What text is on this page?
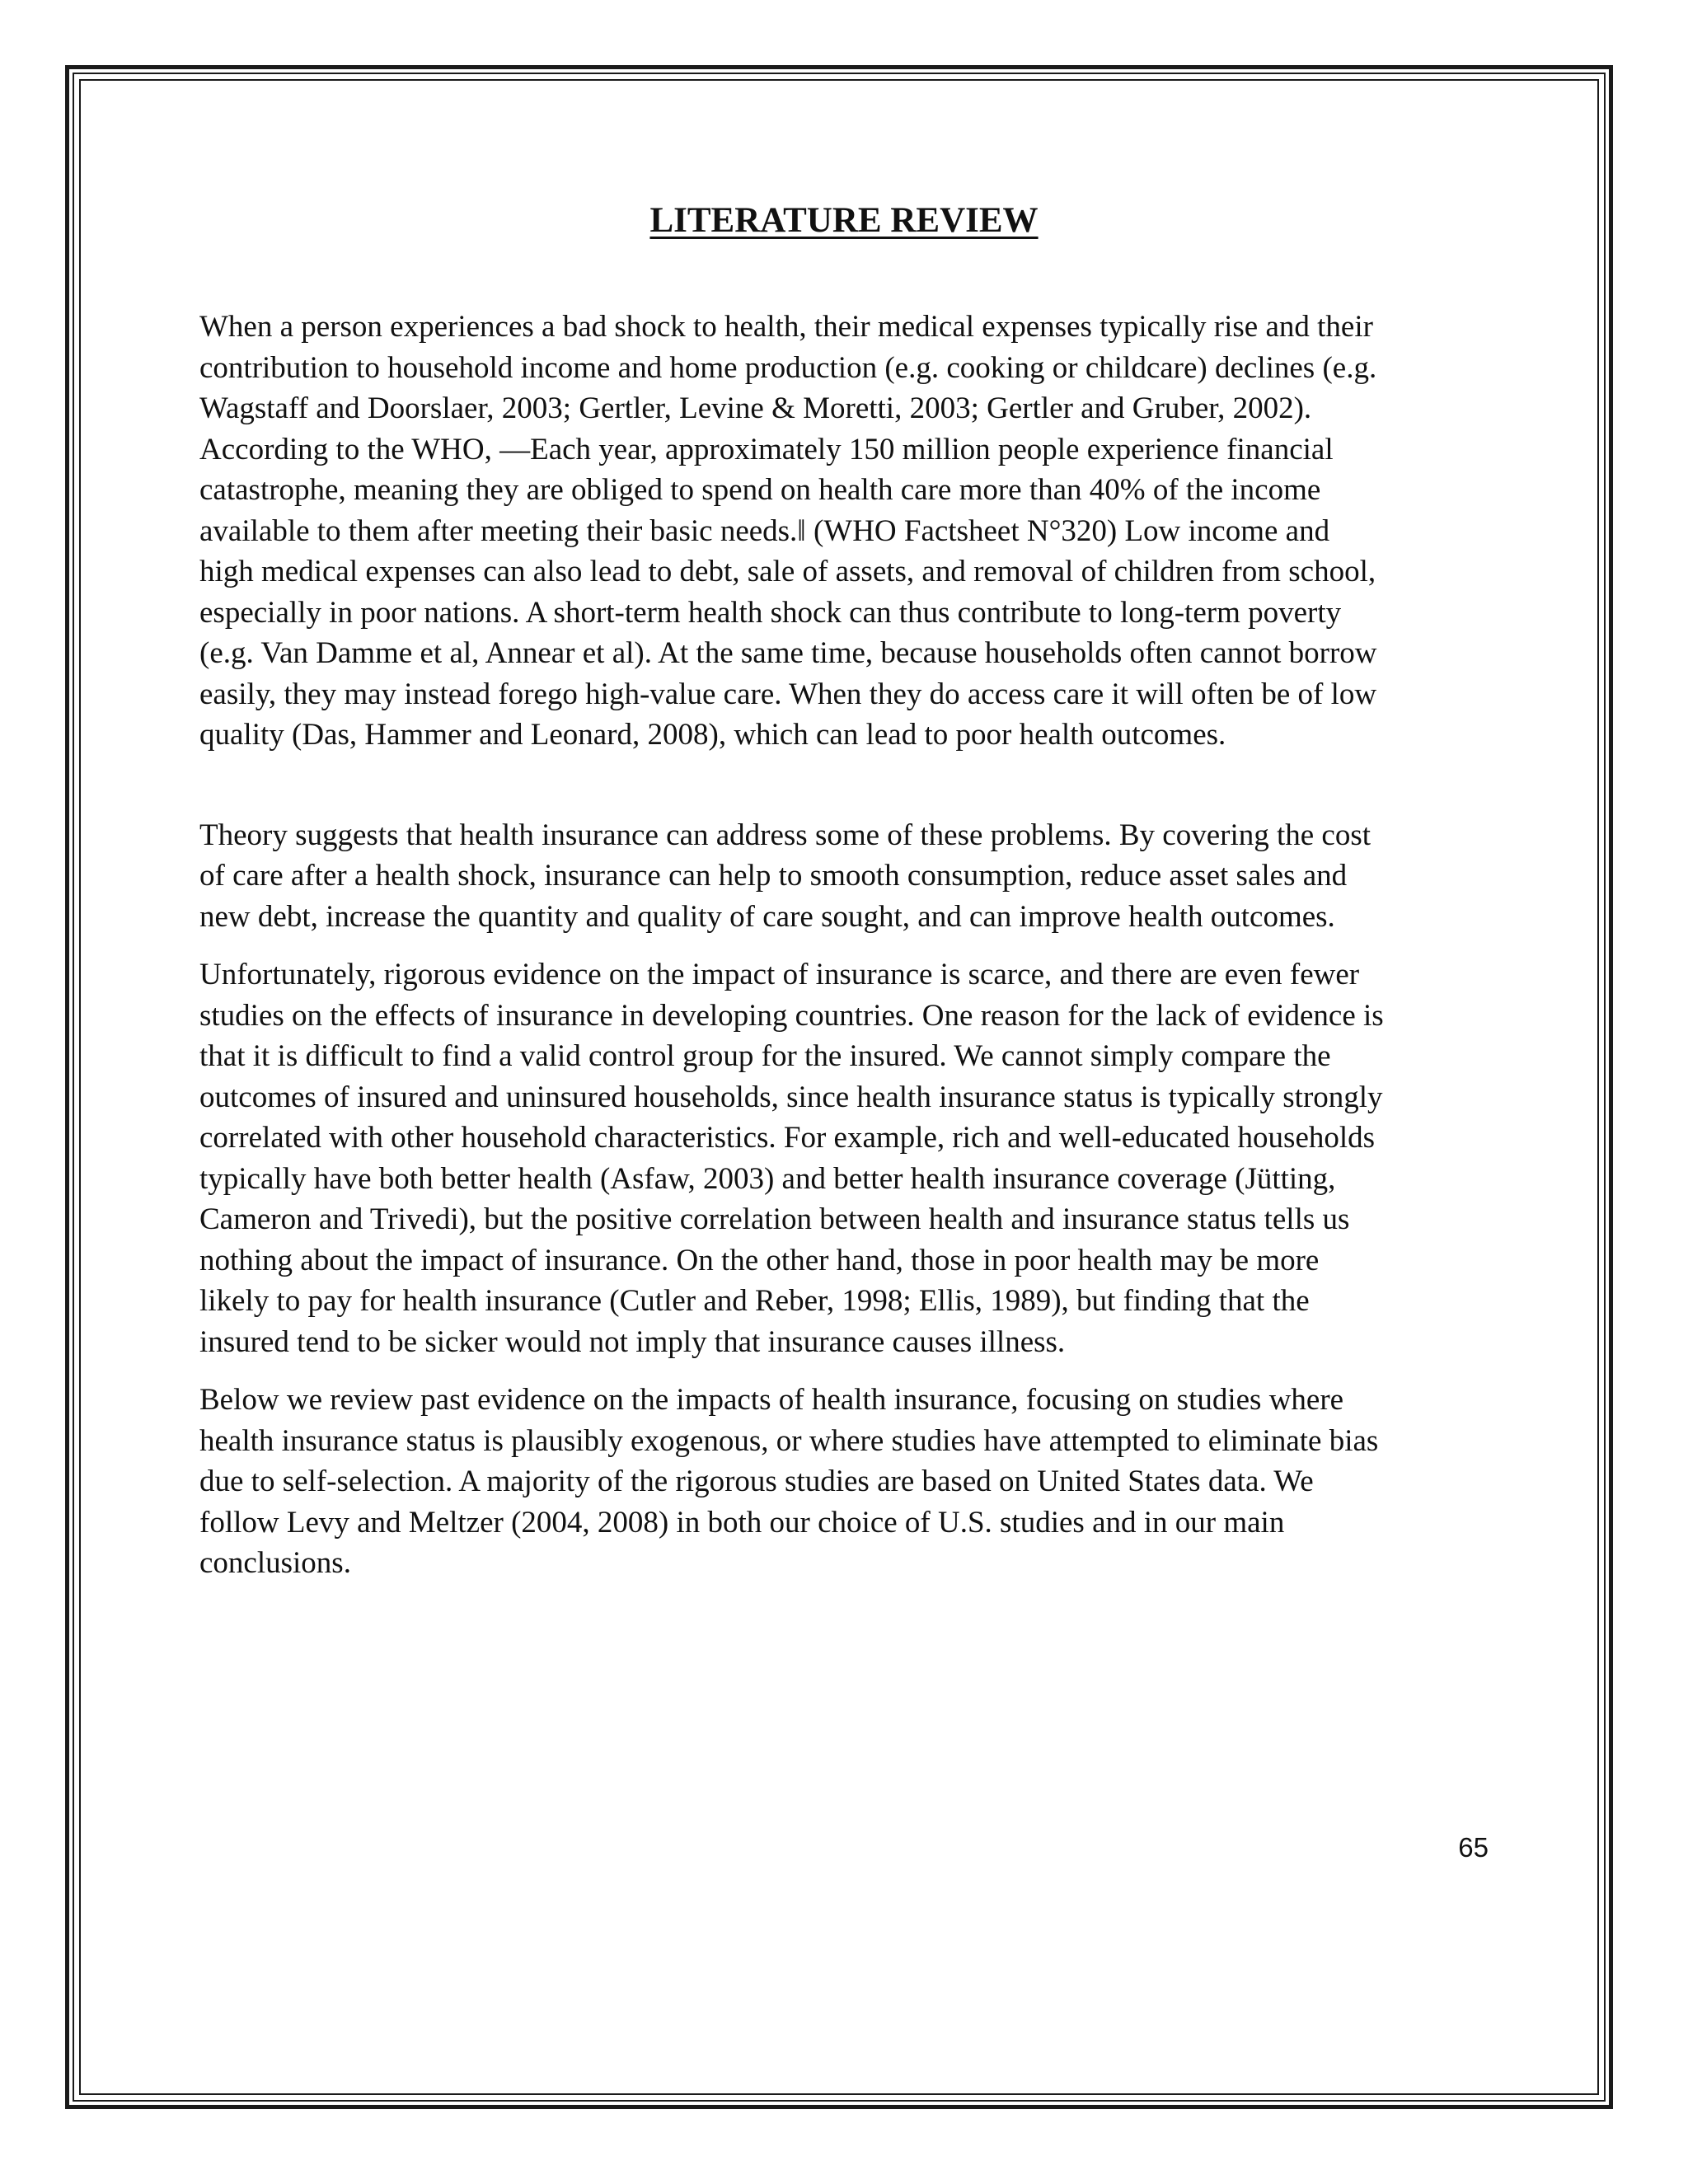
LITERATURE REVIEW

When a person experiences a bad shock to health, their medical expenses typically rise and their
contribution to household income and home production (e.g. cooking or childcare) declines (e.g.
Wagstaff and Doorslaer, 2003; Gertler, Levine & Moretti, 2003; Gertler and Gruber, 2002).
According to the WHO, ―Each year, approximately 150 million people experience financial
catastrophe, meaning they are obliged to spend on health care more than 40% of the income
available to them after meeting their basic needs.‖ (WHO Factsheet N°320) Low income and
high medical expenses can also lead to debt, sale of assets, and removal of children from school,
especially in poor nations. A short-term health shock can thus contribute to long-term poverty
(e.g. Van Damme et al, Annear et al). At the same time, because households often cannot borrow
easily, they may instead forego high-value care. When they do access care it will often be of low
quality (Das, Hammer and Leonard, 2008), which can lead to poor health outcomes.

Theory suggests that health insurance can address some of these problems. By covering the cost
of care after a health shock, insurance can help to smooth consumption, reduce asset sales and
new debt, increase the quantity and quality of care sought, and can improve health outcomes.

Unfortunately, rigorous evidence on the impact of insurance is scarce, and there are even fewer
studies on the effects of insurance in developing countries. One reason for the lack of evidence is
that it is difficult to find a valid control group for the insured. We cannot simply compare the
outcomes of insured and uninsured households, since health insurance status is typically strongly
correlated with other household characteristics. For example, rich and well-educated households
typically have both better health (Asfaw, 2003) and better health insurance coverage (Jütting,
Cameron and Trivedi), but the positive correlation between health and insurance status tells us
nothing about the impact of insurance. On the other hand, those in poor health may be more
likely to pay for health insurance (Cutler and Reber, 1998; Ellis, 1989), but finding that the
insured tend to be sicker would not imply that insurance causes illness.

Below we review past evidence on the impacts of health insurance, focusing on studies where
health insurance status is plausibly exogenous, or where studies have attempted to eliminate bias
due to self-selection. A majority of the rigorous studies are based on United States data. We
follow Levy and Meltzer (2004, 2008) in both our choice of U.S. studies and in our main
conclusions.

65
